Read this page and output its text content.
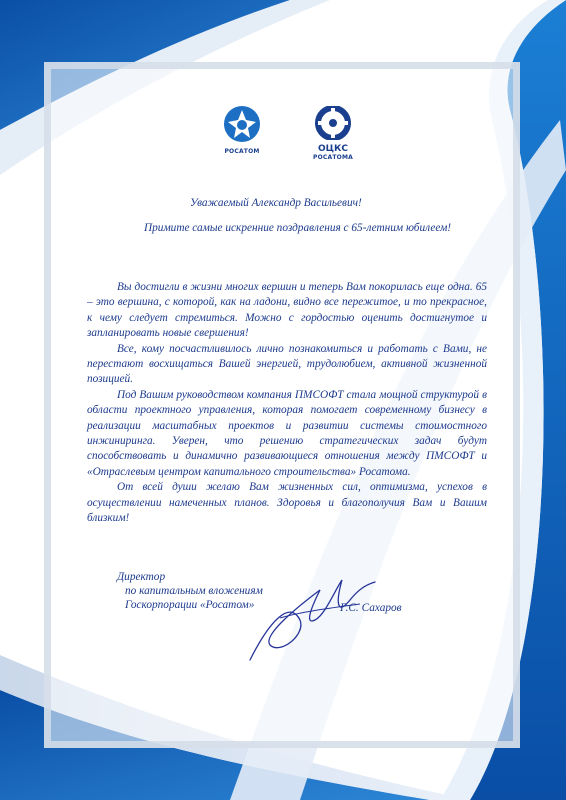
РОСАТОМ	ОЦКС
РОСАТОМА
Уважаемый Александр Васильевич!
Примите самые искренние поздравления с 65-летним юбилеем!

Вы достигли в жизни многих вершин и теперь Вам покорилась еще одна. 65 – это вершина, с которой, как на ладони, видно все пережитое, и то прекрасное, к чему следует стремиться. Можно с гордостью оценить достигнутое и запланировать новые свершения!

Все, кому посчастливилось лично познакомиться и работать с Вами, не перестают восхищаться Вашей энергией, трудолюбием, активной жизненной позицией.

Под Вашим руководством компания ПМСОФТ стала мощной структурой в области проектного управления, которая помогает современному бизнесу в реализации масштабных проектов и развитии системы стоимостного инжиниринга. Уверен, что решению стратегических задач будут способствовать и динамично развивающиеся отношения между ПМСОФТ и «Отраслевым центром капитального строительства» Росатома.

От всей души желаю Вам жизненных сил, оптимизма, успехов в осуществлении намеченных планов. Здоровья и благополучия Вам и Вашим близким!

Директор
по капитальным вложениям
Госкорпорации «Росатом»	Г.С. Сахаров
